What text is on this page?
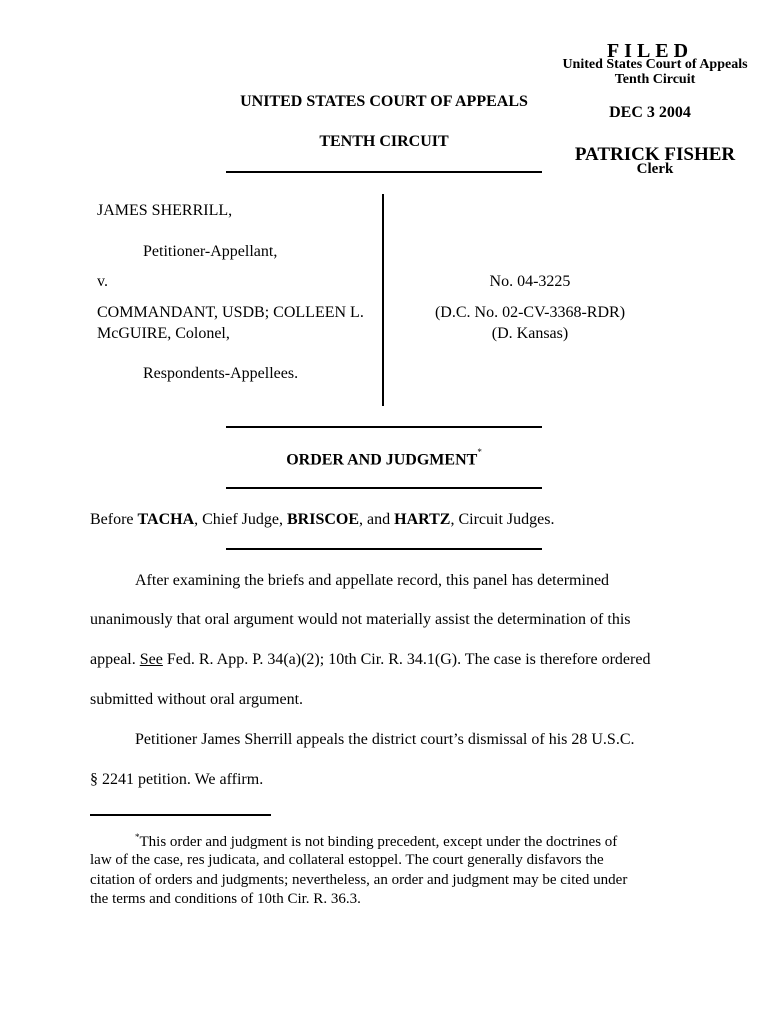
FILED
United States Court of Appeals
Tenth Circuit
DEC 3 2004
PATRICK FISHER
Clerk
UNITED STATES COURT OF APPEALS
TENTH CIRCUIT
JAMES SHERRILL,
Petitioner-Appellant,
v.
COMMANDANT, USDB; COLLEEN L.
McGUIRE, Colonel,
Respondents-Appellees.
No. 04-3225
(D.C. No. 02-CV-3368-RDR)
(D. Kansas)
ORDER AND JUDGMENT*
Before TACHA, Chief Judge, BRISCOE, and HARTZ, Circuit Judges.
After examining the briefs and appellate record, this panel has determined
unanimously that oral argument would not materially assist the determination of this
appeal. See Fed. R. App. P. 34(a)(2); 10th Cir. R. 34.1(G). The case is therefore ordered
submitted without oral argument.
Petitioner James Sherrill appeals the district court’s dismissal of his 28 U.S.C.
§ 2241 petition. We affirm.
*This order and judgment is not binding precedent, except under the doctrines of
law of the case, res judicata, and collateral estoppel. The court generally disfavors the
citation of orders and judgments; nevertheless, an order and judgment may be cited under
the terms and conditions of 10th Cir. R. 36.3.
